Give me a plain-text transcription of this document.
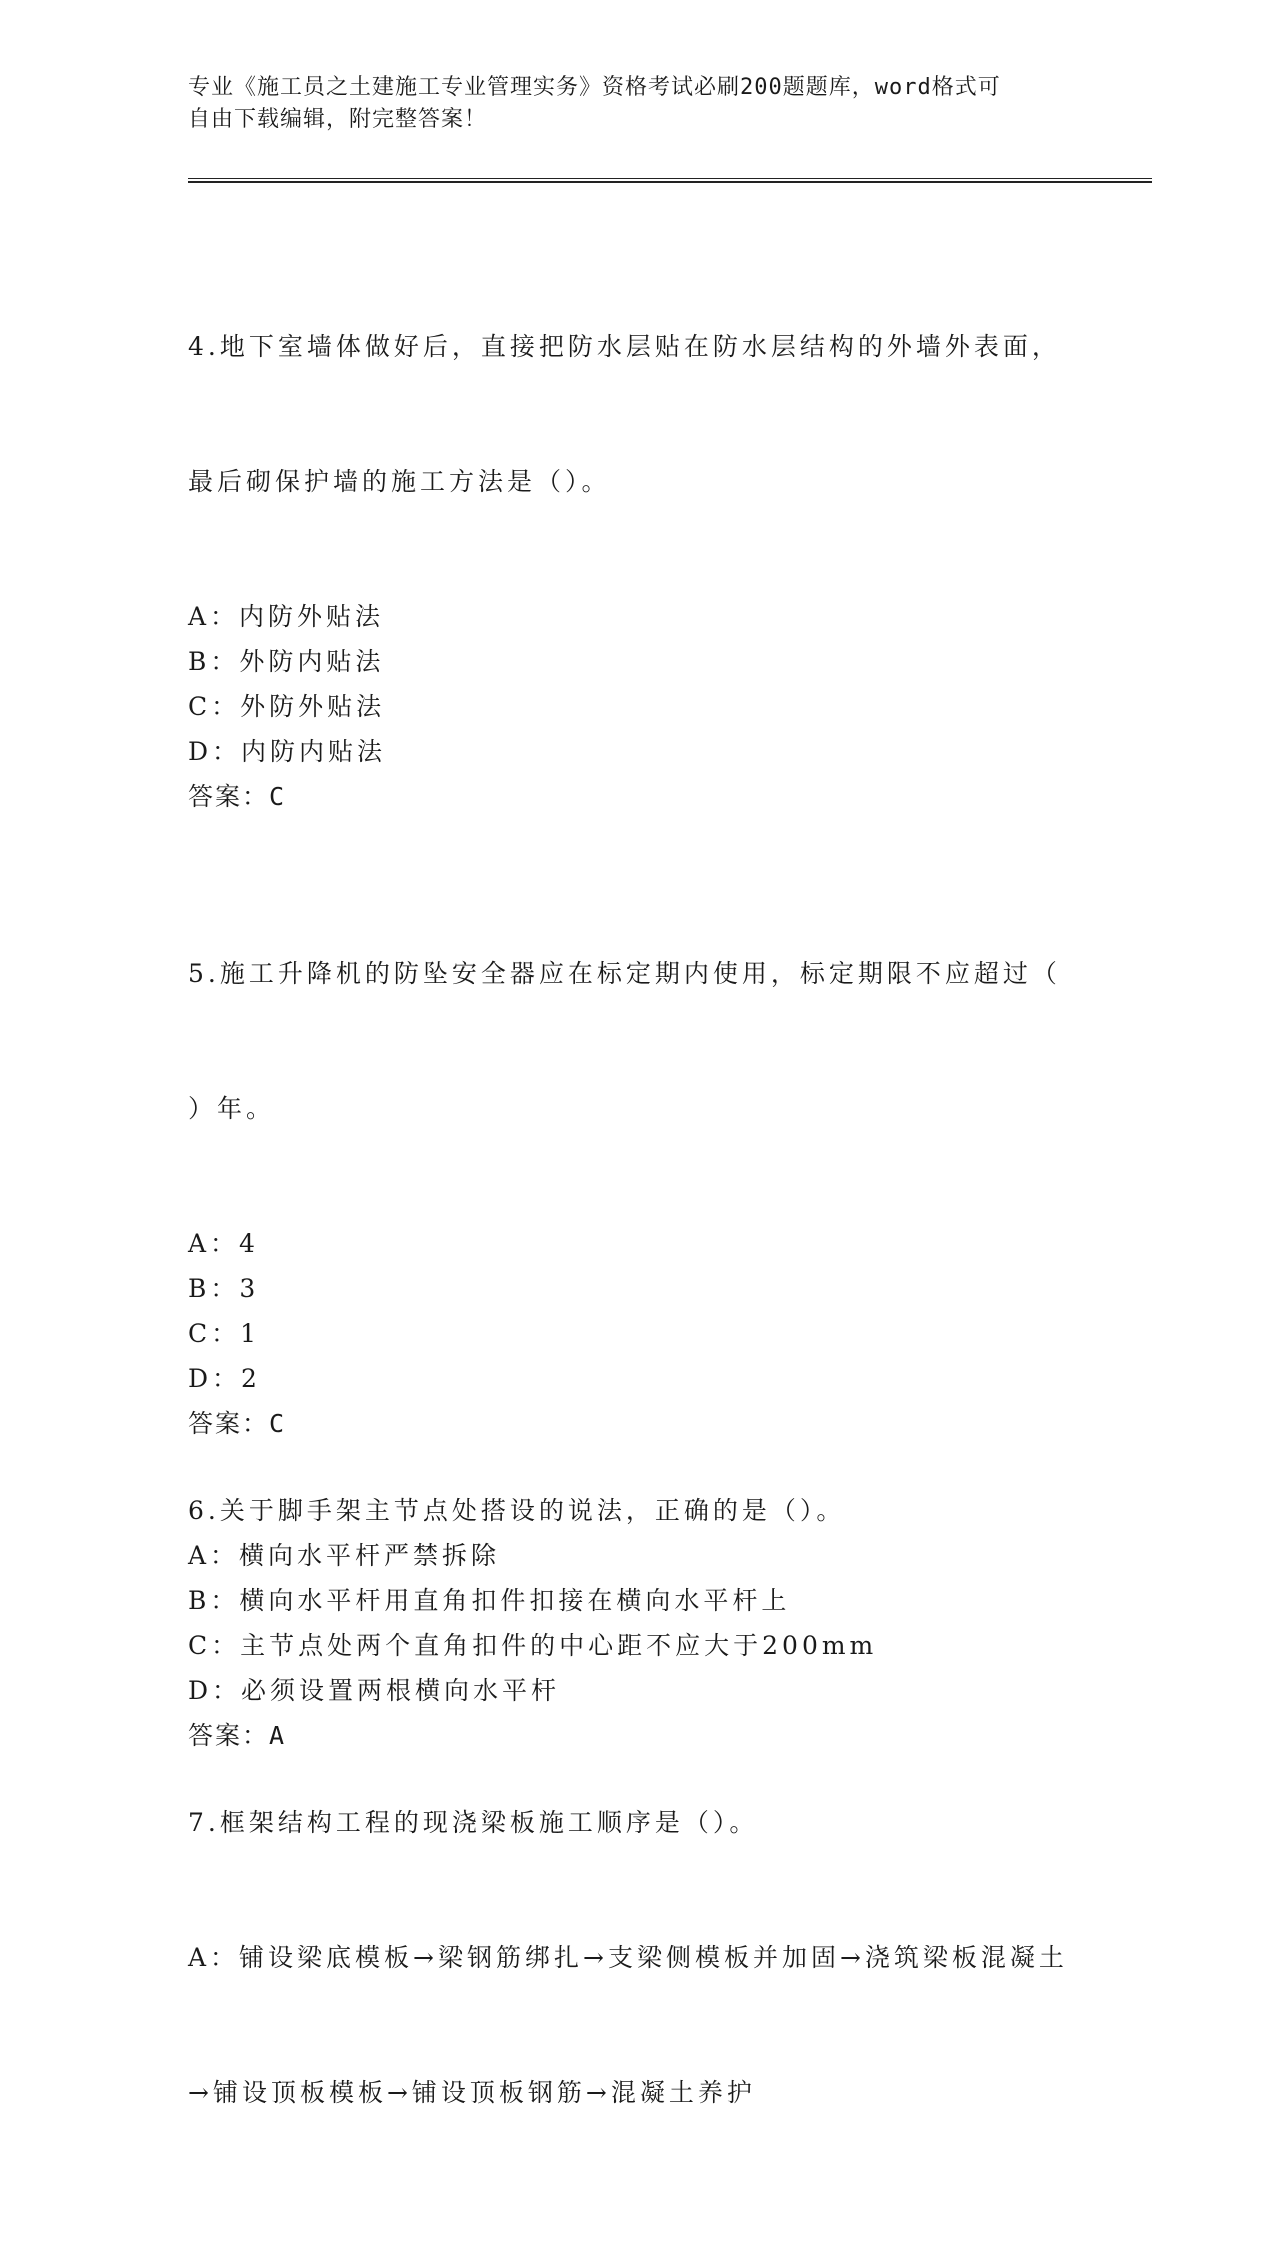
专业《施工员之土建施工专业管理实务》资格考试必刷200题题库，word格式可
自由下载编辑，附完整答案！

4.地下室墙体做好后，直接把防水层贴在防水层结构的外墙外表面，

最后砌保护墙的施工方法是（）。

A：内防外贴法
B：外防内贴法
C：外防外贴法
D：内防内贴法
答案：C

5.施工升降机的防坠安全器应在标定期内使用，标定期限不应超过（

）年。

A：4
B：3
C：1
D：2
答案：C
6.关于脚手架主节点处搭设的说法，正确的是（）。
A：横向水平杆严禁拆除
B：横向水平杆用直角扣件扣接在横向水平杆上
C：主节点处两个直角扣件的中心距不应大于200mm
D：必须设置两根横向水平杆
答案：A
7.框架结构工程的现浇梁板施工顺序是（）。

A：铺设梁底模板→梁钢筋绑扎→支梁侧模板并加固→浇筑梁板混凝土

→铺设顶板模板→铺设顶板钢筋→混凝土养护
